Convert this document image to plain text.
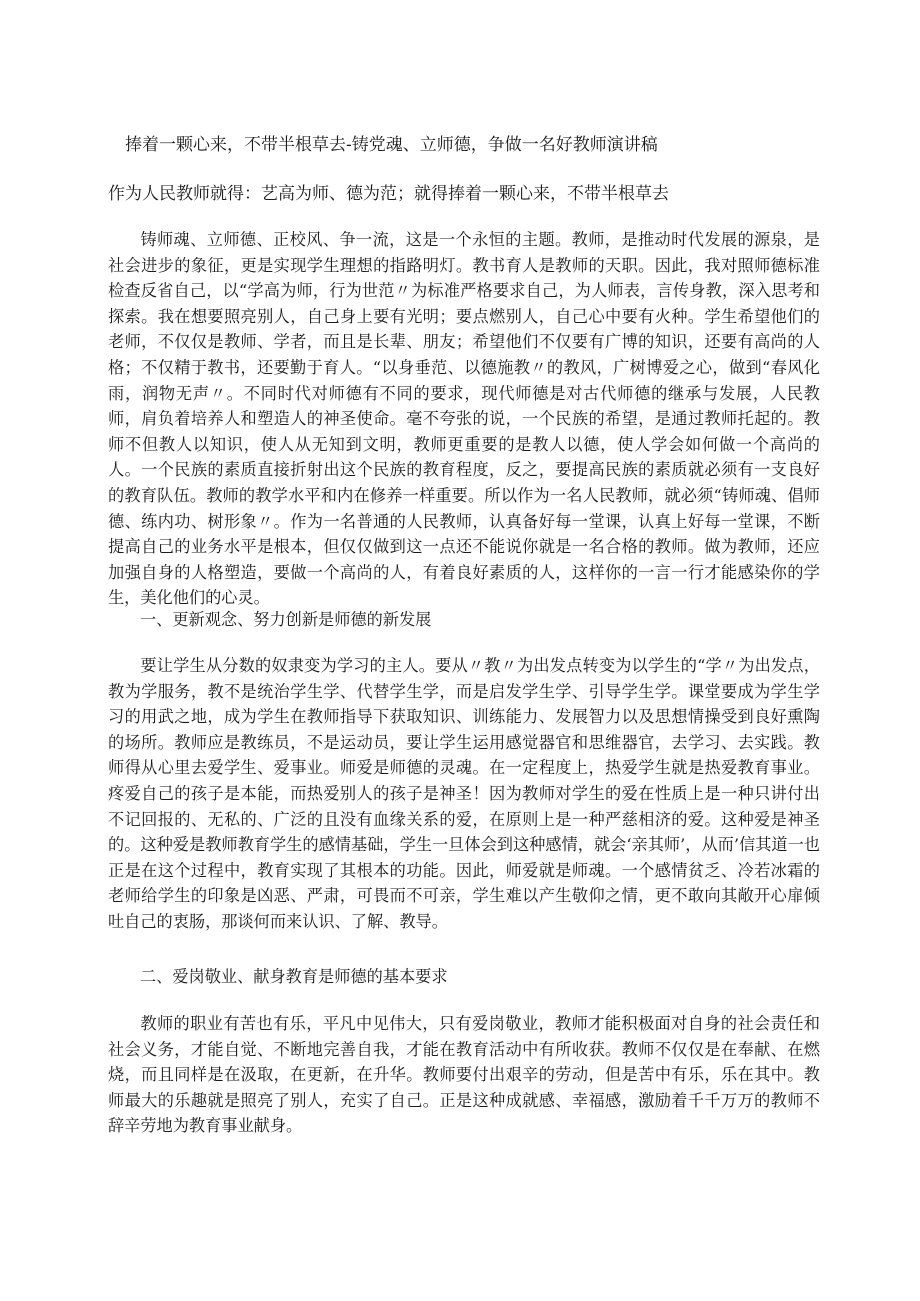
捧着一颗心来，不带半根草去-铸党魂、立师德，争做一名好教师演讲稿
作为人民教师就得：艺高为师、德为范；就得捧着一颗心来，不带半根草去

铸师魂、立师德、正校风、争一流，这是一个永恒的主题。教师，是推动时代发展的源泉，是社会进步的象征，更是实现学生理想的指路明灯。教书育人是教师的天职。因此，我对照师德标准检查反省自己，以“学高为师，行为世范〃为标准严格要求自己，为人师表，言传身教，深入思考和探索。我在想要照亮别人，自己身上要有光明；要点燃别人，自己心中要有火种。学生希望他们的老师，不仅仅是教师、学者，而且是长辈、朋友；希望他们不仅要有广博的知识，还要有高尚的人格；不仅精于教书，还要勤于育人。“以身垂范、以德施教〃的教风，广树博爱之心，做到“春风化雨，润物无声〃。不同时代对师德有不同的要求，现代师德是对古代师德的继承与发展，人民教师，肩负着培养人和塑造人的神圣使命。毫不夸张的说，一个民族的希望，是通过教师托起的。教师不但教人以知识，使人从无知到文明，教师更重要的是教人以德，使人学会如何做一个高尚的人。一个民族的素质直接折射出这个民族的教育程度，反之，要提高民族的素质就必须有一支良好的教育队伍。教师的教学水平和内在修养一样重要。所以作为一名人民教师，就必须“铸师魂、倡师德、练内功、树形象〃。作为一名普通的人民教师，认真备好每一堂课，认真上好每一堂课，不断提高自己的业务水平是根本，但仅仅做到这一点还不能说你就是一名合格的教师。做为教师，还应加强自身的人格塑造，要做一个高尚的人，有着良好素质的人，这样你的一言一行才能感染你的学生，美化他们的心灵。

一、更新观念、努力创新是师德的新发展

要让学生从分数的奴隶变为学习的主人。要从〃教〃为出发点转变为以学生的“学〃为出发点，教为学服务，教不是统治学生学、代替学生学，而是启发学生学、引导学生学。课堂要成为学生学习的用武之地，成为学生在教师指导下获取知识、训练能力、发展智力以及思想情操受到良好熏陶的场所。教师应是教练员，不是运动员，要让学生运用感觉器官和思维器官，去学习、去实践。教师得从心里去爱学生、爱事业。师爱是师德的灵魂。在一定程度上，热爱学生就是热爱教育事业。疼爱自己的孩子是本能，而热爱别人的孩子是神圣！因为教师对学生的爱在性质上是一种只讲付出不记回报的、无私的、广泛的且没有血缘关系的爱，在原则上是一种严慈相济的爱。这种爱是神圣的。这种爱是教师教育学生的感情基础，学生一旦体会到这种感情，就会‘亲其师’，从而’信其道一也正是在这个过程中，教育实现了其根本的功能。因此，师爱就是师魂。一个感情贫乏、冷若冰霜的老师给学生的印象是凶恶、严肃，可畏而不可亲，学生难以产生敬仰之情，更不敢向其敞开心扉倾吐自己的衷肠，那谈何而来认识、了解、教导。

二、爱岗敬业、献身教育是师德的基本要求

教师的职业有苦也有乐，平凡中见伟大，只有爱岗敬业，教师才能积极面对自身的社会责任和社会义务，才能自觉、不断地完善自我，才能在教育活动中有所收获。教师不仅仅是在奉献、在燃烧，而且同样是在汲取，在更新，在升华。教师要付出艰辛的劳动，但是苦中有乐，乐在其中。教师最大的乐趣就是照亮了别人，充实了自己。正是这种成就感、幸福感，激励着千千万万的教师不辞辛劳地为教育事业献身。
